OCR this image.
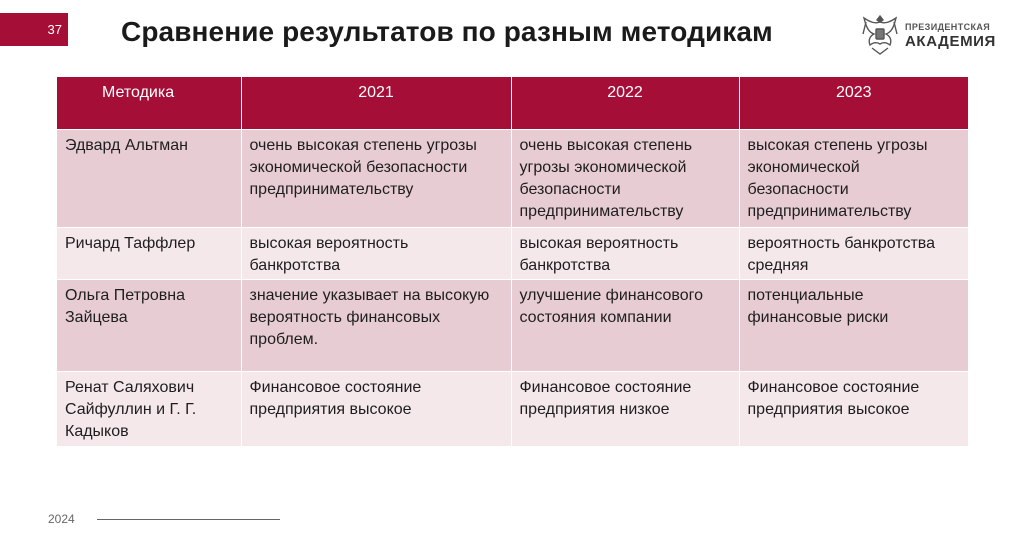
37 Сравнение результатов по разным методикам	ПРЕЗИДЕНТСКАЯ
АКАДЕМИЯ
Методика	2021	2022	2023
Эдвард Альтман	очень высокая степень угрозы экономической безопасности предпринимательству	очень высокая степень угрозы экономической безопасности предпринимательству	высокая степень угрозы экономической безопасности предпринимательству
Ричард Таффлер	высокая вероятность банкротства	высокая вероятность банкротства	вероятность банкротства средняя
Ольга Петровна Зайцева	значение указывает на высокую вероятность финансовых проблем.	улучшение финансового состояния компании	потенциальные финансовые риски
Ренат Саляхович Сайфуллин и Г. Г. Кадыков	Финансовое состояние предприятия высокое	Финансовое состояние предприятия низкое	Финансовое состояние предприятия высокое
2024
